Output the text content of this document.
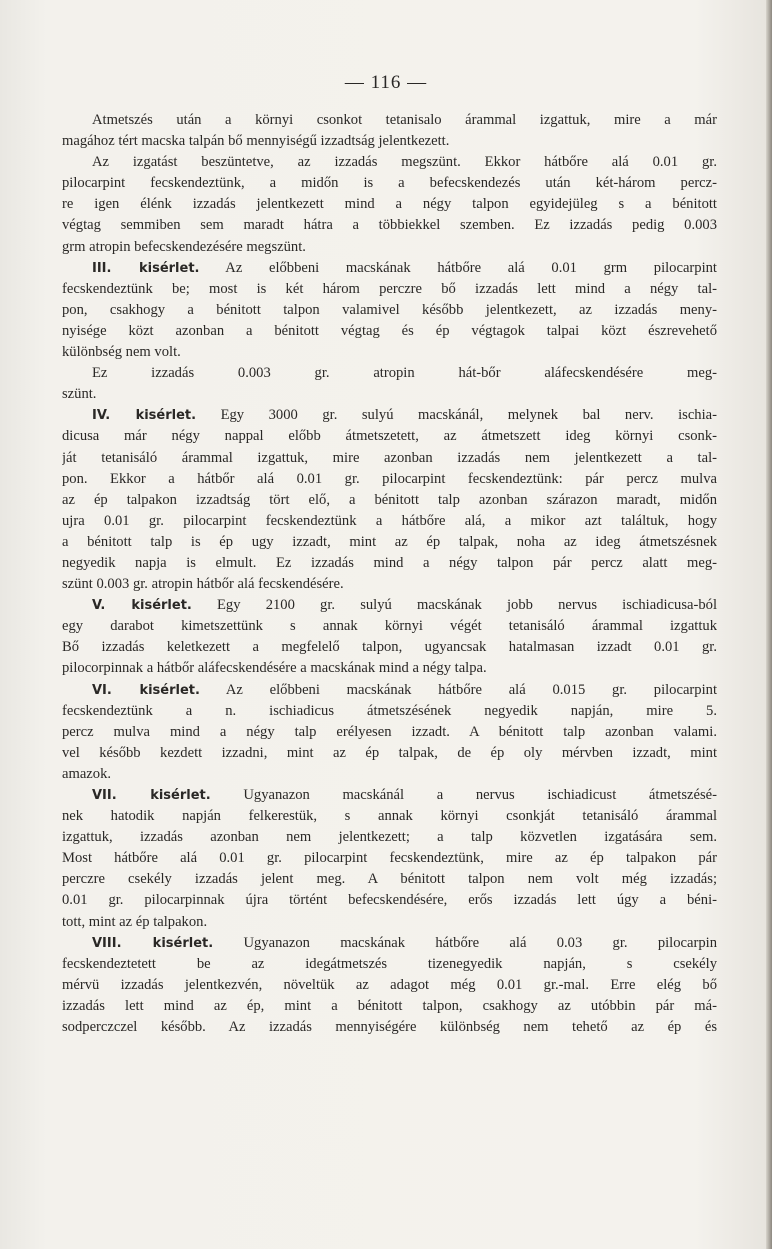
— 116 —
Atmetszés után a környi csonkot tetanisalo árammal izgattuk, mire a már
magához tért macska talpán bő mennyiségű izzadtság jelentkezett.
Az izgatást beszüntetve, az izzadás megszünt. Ekkor hátbőre alá 0.01 gr.
pilocarpint fecskendeztünk, a midőn is a befecskendezés után két-három percz-
re igen élénk izzadás jelentkezett mind a négy talpon egyidejüleg s a bénitott
végtag semmiben sem maradt hátra a többiekkel szemben. Ez izzadás pedig 0.003
grm atropin befecskendezésére megszünt.
III. kisérlet. Az előbbeni macskának hátbőre alá 0.01 grm pilocarpint
fecskendeztünk be; most is két három perczre bő izzadás lett mind a négy tal-
pon, csakhogy a bénitott talpon valamivel később jelentkezett, az izzadás meny-
nyisége közt azonban a bénitott végtag és ép végtagok talpai közt észrevehető
különbség nem volt.
Ez izzadás 0.003 gr. atropin hát-bőr aláfecskendésére meg-
szünt.
IV. kisérlet. Egy 3000 gr. sulyú macskánál, melynek bal nerv. ischia-
dicusa már négy nappal előbb átmetszetett, az átmetszett ideg környi csonk-
ját tetanisáló árammal izgattuk, mire azonban izzadás nem jelentkezett a tal-
pon. Ekkor a hátbőr alá 0.01 gr. pilocarpint fecskendeztünk: pár percz mulva
az ép talpakon izzadtság tört elő, a bénitott talp azonban szárazon maradt, midőn
ujra 0.01 gr. pilocarpint fecskendeztünk a hátbőre alá, a mikor azt találtuk, hogy
a bénitott talp is ép ugy izzadt, mint az ép talpak, noha az ideg átmetszésnek
negyedik napja is elmult. Ez izzadás mind a négy talpon pár percz alatt meg-
szünt 0.003 gr. atropin hátbőr alá fecskendésére.
V. kisérlet. Egy 2100 gr. sulyú macskának jobb nervus ischiadicusa-ból
egy darabot kimetszettünk s annak környi végét tetanisáló árammal izgattuk
Bő izzadás keletkezett a megfelelő talpon, ugyancsak hatalmasan izzadt 0.01 gr.
pilocorpinnak a hátbőr aláfecskendésére a macskának mind a négy talpa.
VI. kisérlet. Az előbbeni macskának hátbőre alá 0.015 gr. pilocarpint
fecskendeztünk a n. ischiadicus átmetszésének negyedik napján, mire 5.
percz mulva mind a négy talp erélyesen izzadt. A bénitott talp azonban valami.
vel később kezdett izzadni, mint az ép talpak, de ép oly mérvben izzadt, mint
amazok.
VII. kisérlet. Ugyanazon macskánál a nervus ischiadicust átmetszésé-
nek hatodik napján felkerestük, s annak környi csonkját tetanisáló árammal
izgattuk, izzadás azonban nem jelentkezett; a talp közvetlen izgatására sem.
Most hátbőre alá 0.01 gr. pilocarpint fecskendeztünk, mire az ép talpakon pár
perczre csekély izzadás jelent meg. A bénitott talpon nem volt még izzadás;
0.01 gr. pilocarpinnak újra történt befecskendésére, erős izzadás lett úgy a béni-
tott, mint az ép talpakon.
VIII. kisérlet. Ugyanazon macskának hátbőre alá 0.03 gr. pilocarpin
fecskendeztetett be az idegátmetszés tizenegyedik napján, s csekély
mérvü izzadás jelentkezvén, növeltük az adagot még 0.01 gr.-mal. Erre elég bő
izzadás lett mind az ép, mint a bénitott talpon, csakhogy az utóbbin pár má-
sodperczczel később. Az izzadás mennyiségére különbség nem tehető az ép és
